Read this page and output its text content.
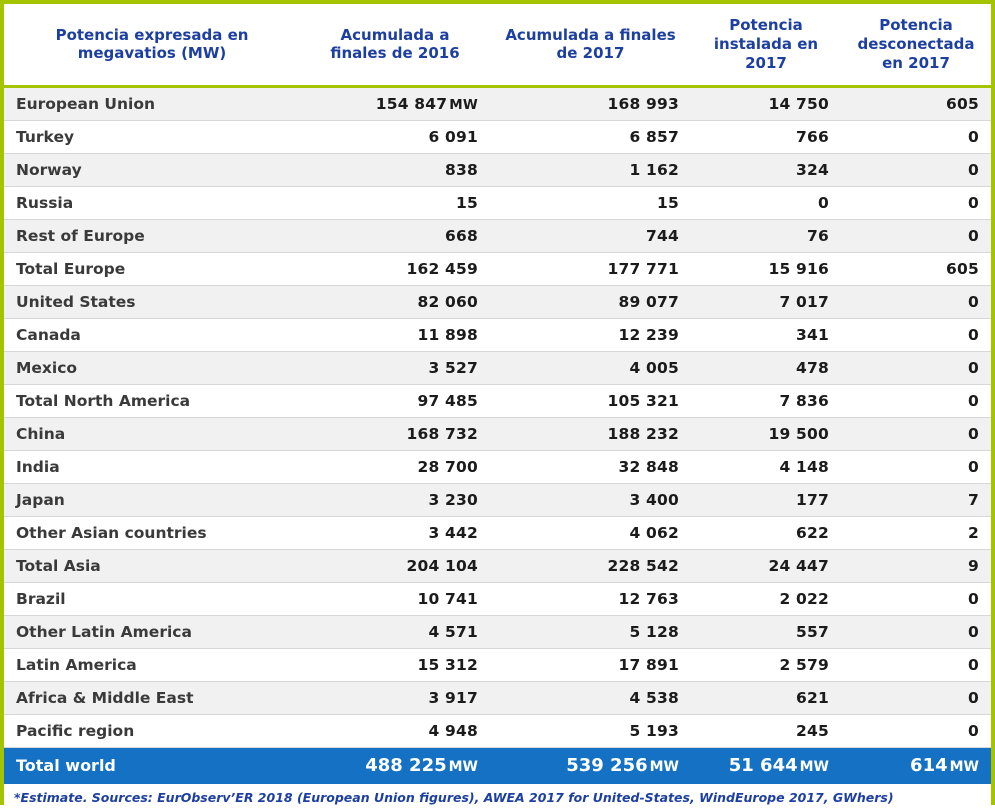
Potencia expresada en megavatios (MW)	Acumulada a finales de 2016	Acumulada a finales de 2017	Potencia instalada en 2017	Potencia desconectada en 2017
European Union	154 847 MW	168 993	14 750	605
Turkey	6 091	6 857	766	0
Norway	838	1 162	324	0
Russia	15	15	0	0
Rest of Europe	668	744	76	0
Total Europe	162 459	177 771	15 916	605
United States	82 060	89 077	7 017	0
Canada	11 898	12 239	341	0
Mexico	3 527	4 005	478	0
Total North America	97 485	105 321	7 836	0
China	168 732	188 232	19 500	0
India	28 700	32 848	4 148	0
Japan	3 230	3 400	177	7
Other Asian countries	3 442	4 062	622	2
Total Asia	204 104	228 542	24 447	9
Brazil	10 741	12 763	2 022	0
Other Latin America	4 571	5 128	557	0
Latin America	15 312	17 891	2 579	0
Africa & Middle East	3 917	4 538	621	0
Pacific region	4 948	5 193	245	0
Total world	488 225 MW	539 256 MW	51 644 MW	614 MW
*Estimate. Sources: EurObserv’ER 2018 (European Union figures), AWEA 2017 for United-States, WindEurope 2017, GWhers)
